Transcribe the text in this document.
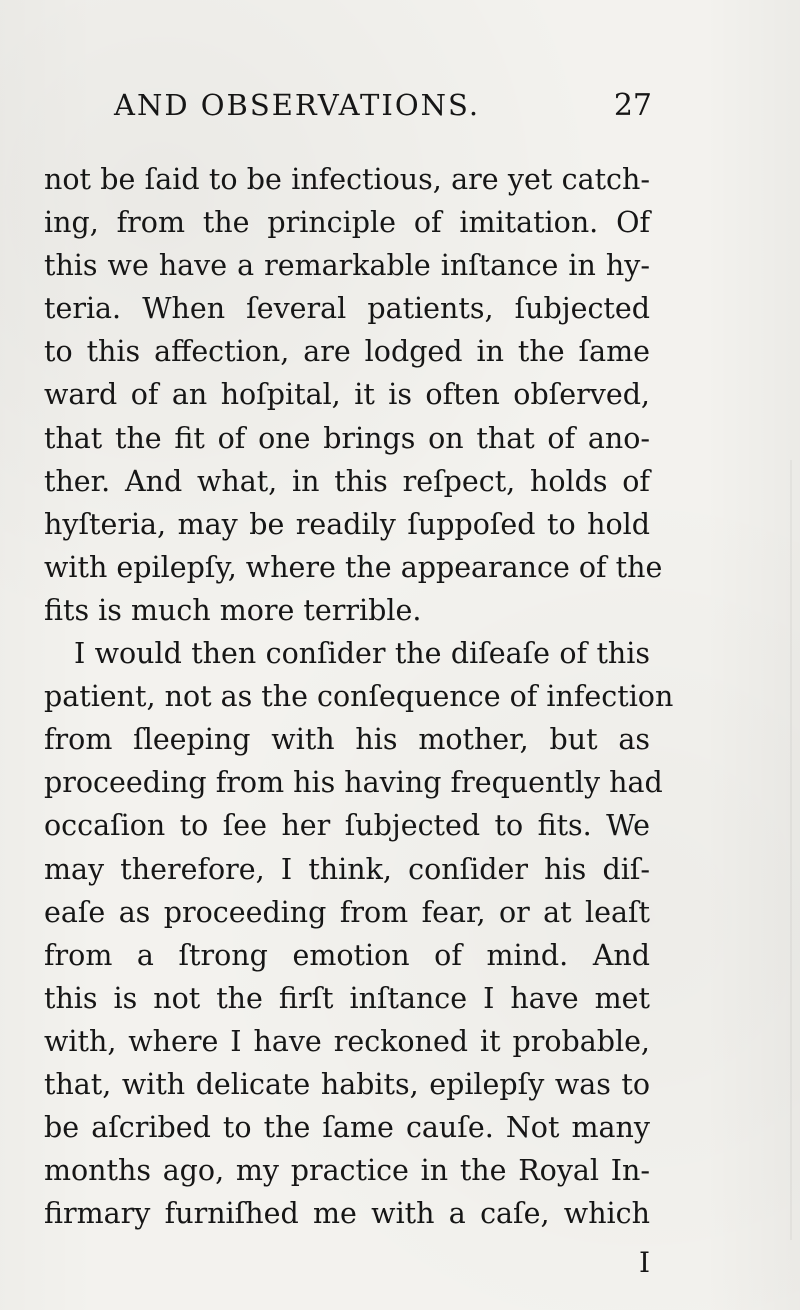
AND OBSERVATIONS.	27
not be ſaid to be infectious, are yet catch-
ing, from the principle of imitation. Of
this we have a remarkable inſtance in hy-
teria. When ſeveral patients, ſubjected
to this affection, are lodged in the ſame
ward of an hoſpital, it is often obſerved,
that the fit of one brings on that of ano-
ther. And what, in this reſpect, holds of
hyſteria, may be readily ſuppoſed to hold
with epilepſy, where the appearance of the
fits is much more terrible.
I would then conſider the diſeaſe of this
patient, not as the conſequence of infection
from ſleeping with his mother, but as
proceeding from his having frequently had
occaſion to ſee her ſubjected to fits. We
may therefore, I think, conſider his diſ-
eaſe as proceeding from fear, or at leaſt
from a ſtrong emotion of mind. And
this is not the firſt inſtance I have met
with, where I have reckoned it probable,
that, with delicate habits, epilepſy was to
be aſcribed to the ſame cauſe. Not many
months ago, my practice in the Royal In-
firmary furniſhed me with a caſe, which
I
